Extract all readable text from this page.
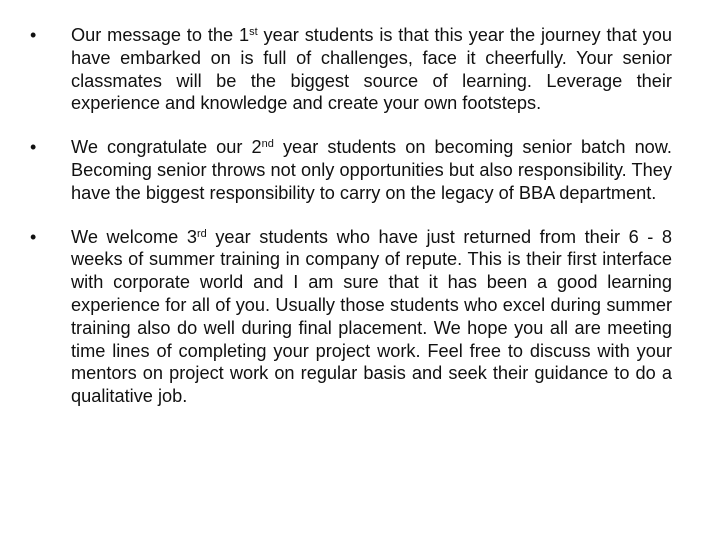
• Our message to the 1st year students is that this year the journey that you have embarked on is full of challenges, face it cheerfully. Your senior classmates will be the biggest source of learning. Leverage their experience and knowledge and create your own footsteps.
• We congratulate our 2nd year students on becoming senior batch now. Becoming senior throws not only opportunities but also responsibility. They have the biggest responsibility to carry on the legacy of BBA department.
• We welcome 3rd year students who have just returned from their 6 - 8 weeks of summer training in company of repute. This is their first interface with corporate world and I am sure that it has been a good learning experience for all of you. Usually those students who excel during summer training also do well during final placement. We hope you all are meeting time lines of completing your project work. Feel free to discuss with your mentors on project work on regular basis and seek their guidance to do a qualitative job.
